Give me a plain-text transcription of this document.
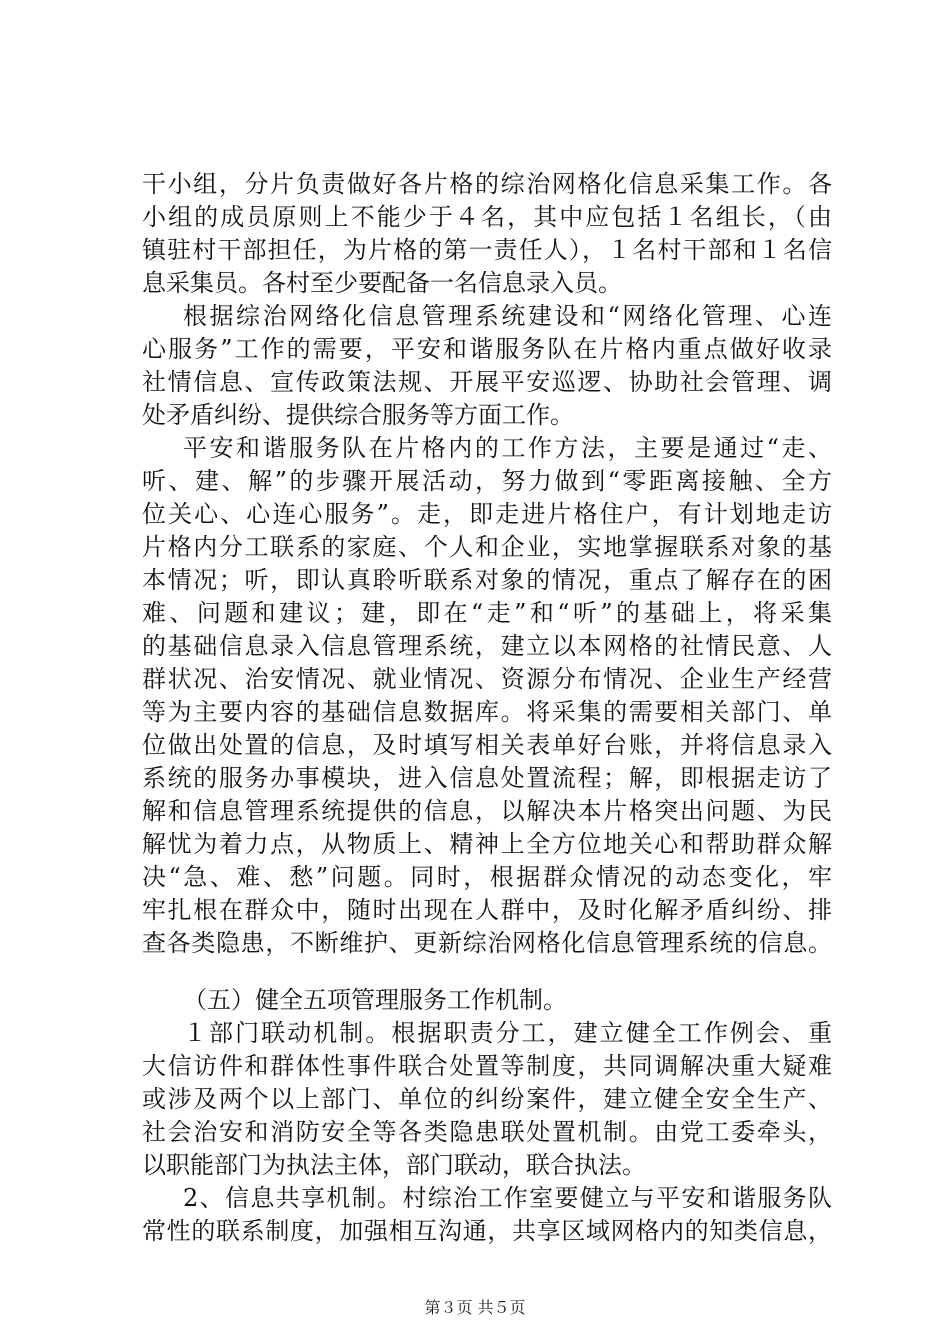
干小组，分片负责做好各片格的综治网格化信息采集工作。各
小组的成员原则上不能少于４名，其中应包括１名组长，（由
镇驻村干部担任，为片格的第一责任人），１名村干部和１名信
息采集员。各村至少要配备一名信息录入员。
根据综治网络化信息管理系统建设和“网络化管理、心连
心服务”工作的需要，平安和谐服务队在片格内重点做好收录
社情信息、宣传政策法规、开展平安巡逻、协助社会管理、调
处矛盾纠纷、提供综合服务等方面工作。
平安和谐服务队在片格内的工作方法，主要是通过“走、
听、建、解”的步骤开展活动，努力做到“零距离接触、全方
位关心、心连心服务”。走，即走进片格住户，有计划地走访
片格内分工联系的家庭、个人和企业，实地掌握联系对象的基
本情况；听，即认真聆听联系对象的情况，重点了解存在的困
难、问题和建议；建，即在“走”和“听”的基础上，将采集
的基础信息录入信息管理系统，建立以本网格的社情民意、人
群状况、治安情况、就业情况、资源分布情况、企业生产经营
等为主要内容的基础信息数据库。将采集的需要相关部门、单
位做出处置的信息，及时填写相关表单好台账，并将信息录入
系统的服务办事模块，进入信息处置流程；解，即根据走访了
解和信息管理系统提供的信息，以解决本片格突出问题、为民
解忧为着力点，从物质上、精神上全方位地关心和帮助群众解
决“急、难、愁”问题。同时，根据群众情况的动态变化，牢
牢扎根在群众中，随时出现在人群中，及时化解矛盾纠纷、排
查各类隐患，不断维护、更新综治网格化信息管理系统的信息。
（五）健全五项管理服务工作机制。
１部门联动机制。根据职责分工，建立健全工作例会、重
大信访件和群体性事件联合处置等制度，共同调解决重大疑难
或涉及两个以上部门、单位的纠纷案件，建立健全安全生产、
社会治安和消防安全等各类隐患联处置机制。由党工委牵头，
以职能部门为执法主体，部门联动，联合执法。
2、信息共享机制。村综治工作室要健立与平安和谐服务队
常性的联系制度，加强相互沟通，共享区域网格内的知类信息，
第３页 共５页
